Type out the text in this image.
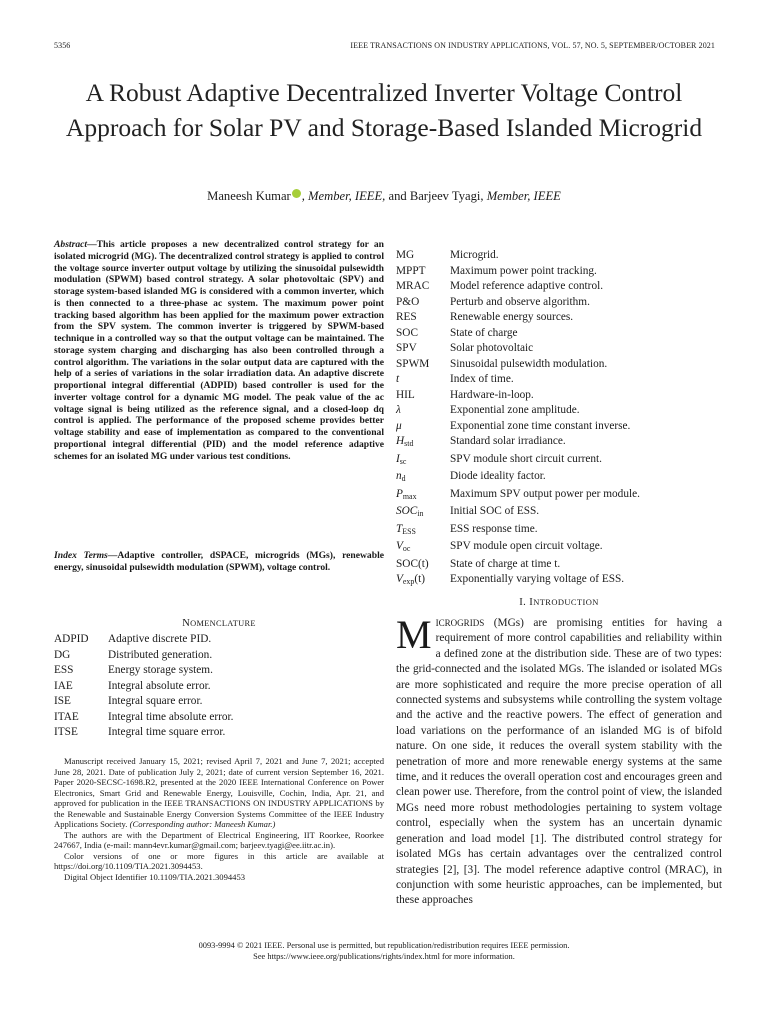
5356	IEEE TRANSACTIONS ON INDUSTRY APPLICATIONS, VOL. 57, NO. 5, SEPTEMBER/OCTOBER 2021
A Robust Adaptive Decentralized Inverter Voltage Control Approach for Solar PV and Storage-Based Islanded Microgrid
Maneesh Kumar , Member, IEEE, and Barjeev Tyagi, Member, IEEE
Abstract—This article proposes a new decentralized control strategy for an isolated microgrid (MG). The decentralized control strategy is applied to control the voltage source inverter output voltage by utilizing the sinusoidal pulsewidth modulation (SPWM) based control strategy. A solar photovoltaic (SPV) and storage system-based islanded MG is considered with a common inverter, which is then connected to a three-phase ac system. The maximum power point tracking based algorithm has been applied for the maximum power extraction from the SPV system. The common inverter is triggered by SPWM-based technique in a controlled way so that the output voltage can be maintained. The storage system charging and discharging has also been controlled through a control algorithm. The variations in the solar output data are captured with the help of a series of variations in the solar irradiation data. An adaptive discrete proportional integral differential (ADPID) based controller is used for the inverter voltage control for a dynamic MG model. The peak value of the ac voltage signal is being utilized as the reference signal, and a closed-loop dq control is applied. The performance of the proposed scheme provides better voltage stability and ease of implementation as compared to the conventional proportional integral differential (PID) and the model reference adaptive schemes for an isolated MG under various test conditions.
Index Terms—Adaptive controller, dSPACE, microgrids (MGs), renewable energy, sinusoidal pulsewidth modulation (SPWM), voltage control.
NOMENCLATURE
ADPID	Adaptive discrete PID.
DG	Distributed generation.
ESS	Energy storage system.
IAE	Integral absolute error.
ISE	Integral square error.
ITAE	Integral time absolute error.
ITSE	Integral time square error.
MG	Microgrid.
MPPT	Maximum power point tracking.
MRAC	Model reference adaptive control.
P&O	Perturb and observe algorithm.
RES	Renewable energy sources.
SOC	State of charge
SPV	Solar photovoltaic
SPWM	Sinusoidal pulsewidth modulation.
t	Index of time.
HIL	Hardware-in-loop.
λ	Exponential zone amplitude.
μ	Exponential zone time constant inverse.
$H_{std}$	Standard solar irradiance.
$I_{sc}$	SPV module short circuit current.
$n_d$	Diode ideality factor.
$P_{max}$	Maximum SPV output power per module.
$SOC_{in}$	Initial SOC of ESS.
$T_{ESS}$	ESS response time.
$V_{oc}$	SPV module open circuit voltage.
SOC(t)	State of charge at time t.
$V_{exp}(t)$	Exponentially varying voltage of ESS.

Manuscript received January 15, 2021; revised April 7, 2021 and June 7, 2021; accepted June 28, 2021. Date of publication July 2, 2021; date of current version September 16, 2021. Paper 2020-SECSC-1698.R2, presented at the 2020 IEEE International Conference on Power Electronics, Smart Grid and Renewable Energy, Louisville, Cochin, India, Apr. 21, and approved for publication in the IEEE TRANSACTIONS ON INDUSTRY APPLICATIONS by the Renewable and Sustainable Energy Conversion Systems Committee of the IEEE Industry Applications Society. (Corresponding author: Maneesh Kumar.)

The authors are with the Department of Electrical Engineering, IIT Roorkee, Roorkee 247667, India (e-mail: mann4evr.kumar@gmail.com; barjeev.tyagi@ee.iitr.ac.in).

Color versions of one or more figures in this article are available at https://doi.org/10.1109/TIA.2021.3094453.

Digital Object Identifier 10.1109/TIA.2021.3094453

I. INTRODUCTION
MICROGRIDS (MGs) are promising entities for having a requirement of more control capabilities and reliability within a defined zone at the distribution side. These are of two types: the grid-connected and the isolated MGs. The islanded or isolated MGs are more sophisticated and require the more precise operation of all connected systems and subsystems while controlling the system voltage and the active and the reactive powers. The effect of generation and load variations on the performance of an islanded MG is of bifold nature. On one side, it reduces the overall system stability with the penetration of more and more renewable energy systems at the same time, and it reduces the overall operation cost and encourages green and clean power use. Therefore, from the control point of view, the islanded MGs need more robust methodologies pertaining to system voltage control, especially when the system has an uncertain dynamic generation and load model [1]. The distributed control strategy for isolated MGs has certain advantages over the centralized control strategies [2], [3]. The model reference adaptive control (MRAC), in conjunction with some heuristic approaches, can be implemented, but these approaches
0093-9994 © 2021 IEEE. Personal use is permitted, but republication/redistribution requires IEEE permission.
See https://www.ieee.org/publications/rights/index.html for more information.
